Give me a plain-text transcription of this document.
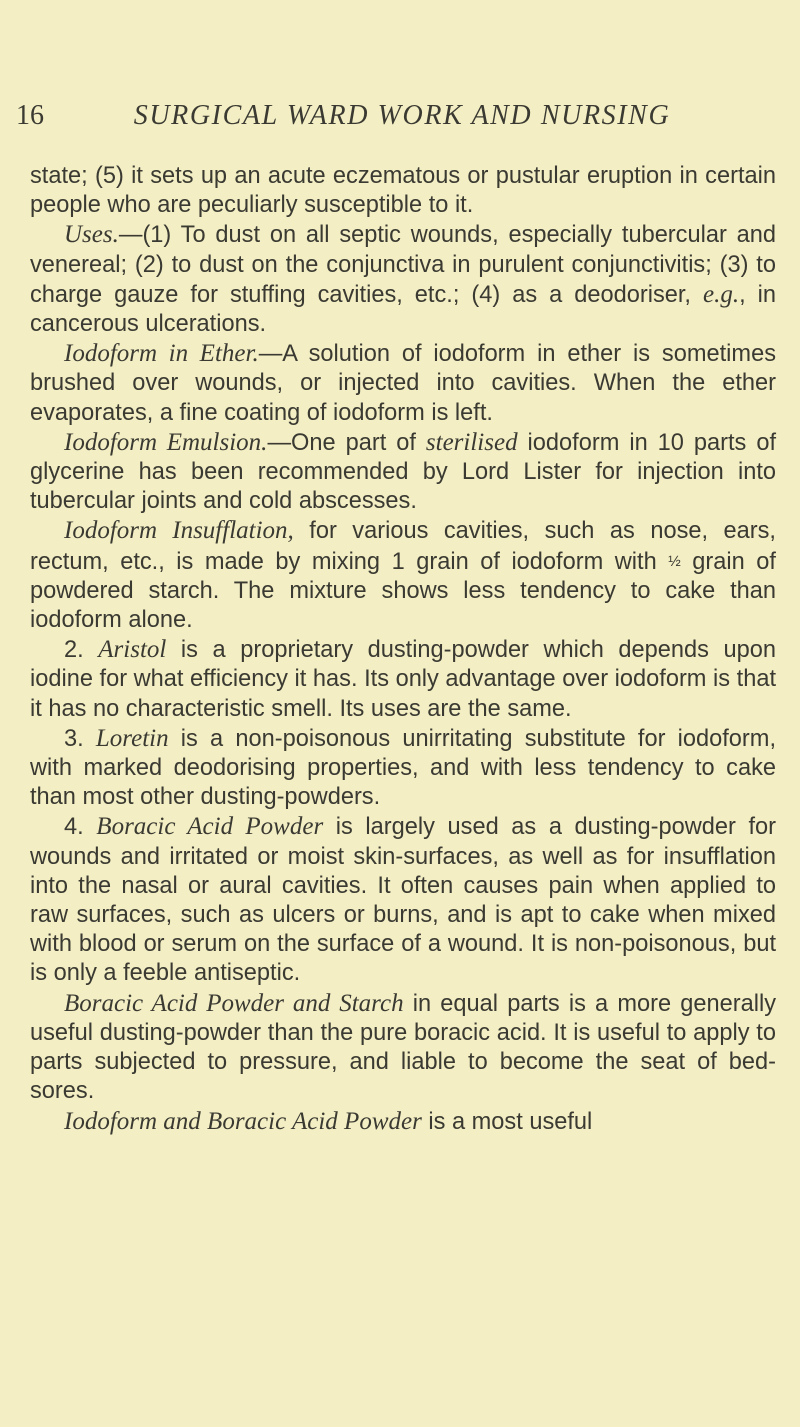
16	SURGICAL WARD WORK AND NURSING

state; (5) it sets up an acute eczematous or pustular eruption in certain people who are peculiarly susceptible to it.

Uses.—(1) To dust on all septic wounds, especially tubercular and venereal; (2) to dust on the conjunctiva in purulent conjunctivitis; (3) to charge gauze for stuffing cavities, etc.; (4) as a deodoriser, e.g., in cancerous ulcerations.

Iodoform in Ether.—A solution of iodoform in ether is sometimes brushed over wounds, or injected into cavities. When the ether evaporates, a fine coating of iodoform is left.

Iodoform Emulsion.—One part of sterilised iodoform in 10 parts of glycerine has been recommended by Lord Lister for injection into tubercular joints and cold abscesses.

Iodoform Insufflation, for various cavities, such as nose, ears, rectum, etc., is made by mixing 1 grain of iodoform with ½ grain of powdered starch. The mixture shows less tendency to cake than iodoform alone.

2. Aristol is a proprietary dusting-powder which depends upon iodine for what efficiency it has. Its only advantage over iodoform is that it has no characteristic smell. Its uses are the same.

3. Loretin is a non-poisonous unirritating substitute for iodoform, with marked deodorising properties, and with less tendency to cake than most other dusting-powders.

4. Boracic Acid Powder is largely used as a dusting-powder for wounds and irritated or moist skin-surfaces, as well as for insufflation into the nasal or aural cavities. It often causes pain when applied to raw surfaces, such as ulcers or burns, and is apt to cake when mixed with blood or serum on the surface of a wound. It is non-poisonous, but is only a feeble antiseptic.

Boracic Acid Powder and Starch in equal parts is a more generally useful dusting-powder than the pure boracic acid. It is useful to apply to parts subjected to pressure, and liable to become the seat of bed-sores.

Iodoform and Boracic Acid Powder is a most useful
